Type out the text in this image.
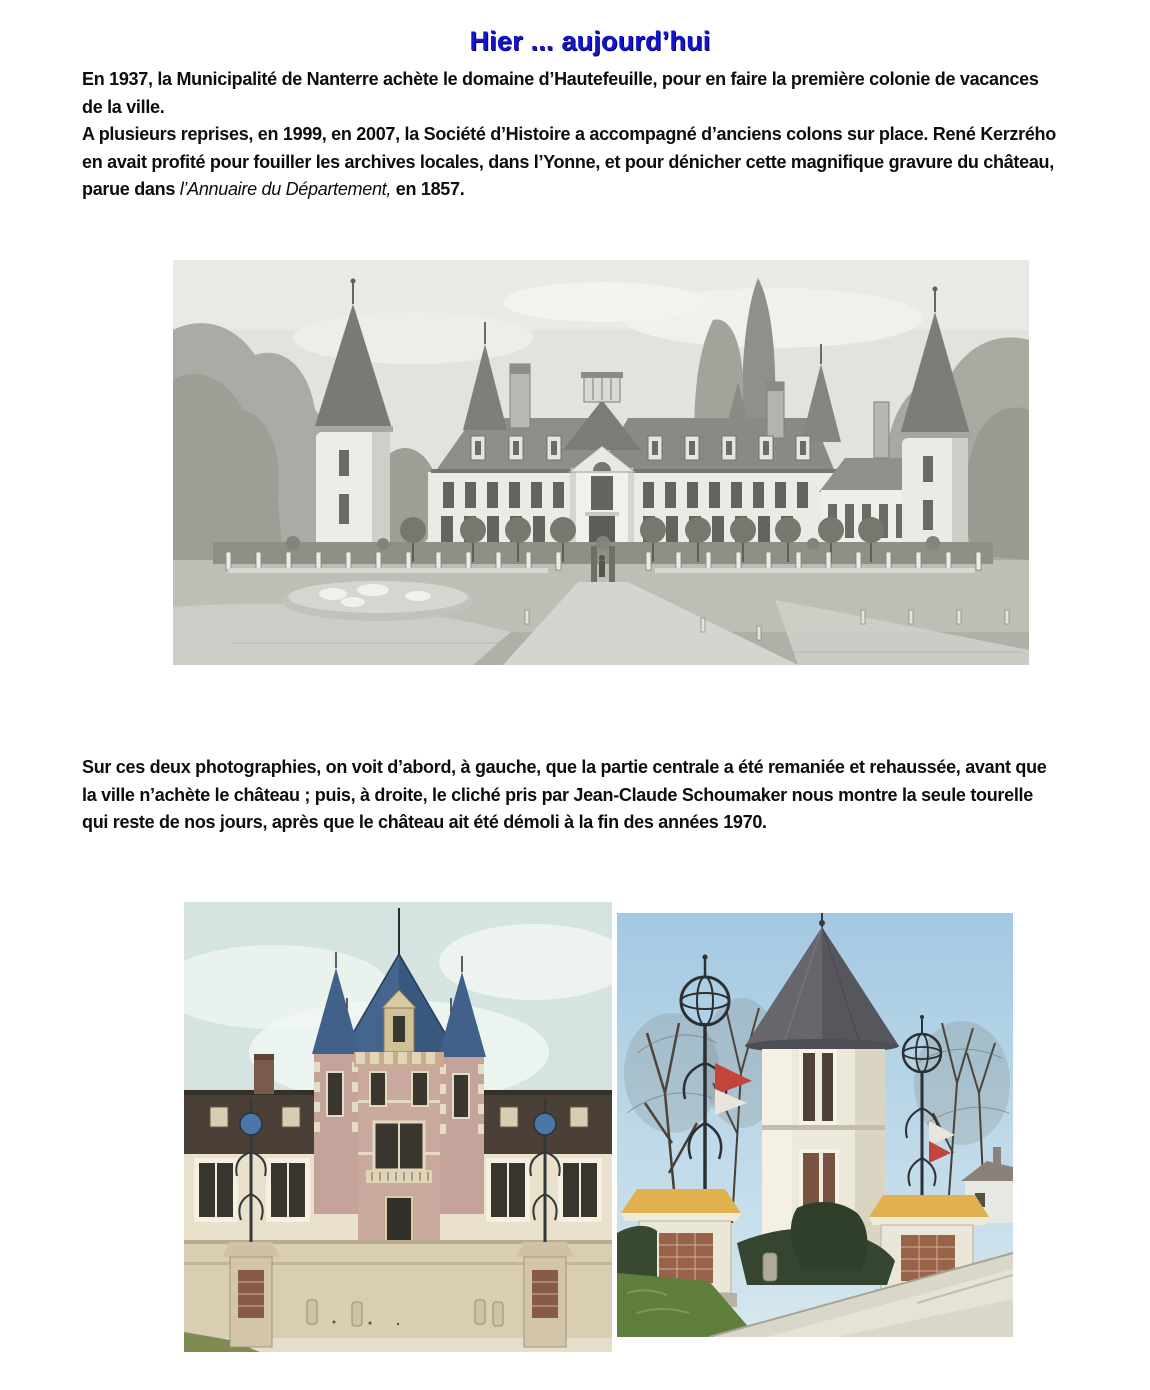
Hier ... aujourd’hui
En 1937, la Municipalité de Nanterre achète le domaine d’Hautefeuille, pour en faire la première colonie de vacances
de la ville.
A plusieurs reprises, en 1999, en 2007, la Société d’Histoire a accompagné d’anciens colons sur place. René Kerzrého
en avait profité pour fouiller les archives locales, dans l’Yonne, et pour dénicher cette magnifique gravure du château,
parue dans l’Annuaire du Département, en 1857.
Sur ces deux photographies, on voit d’abord, à gauche, que la partie centrale a été remaniée et rehaussée, avant que
la ville n’achète le château ; puis, à droite, le cliché pris par Jean-Claude Schoumaker nous montre la seule tourelle
qui reste de nos jours, après que le château ait été démoli à la fin des années 1970.
